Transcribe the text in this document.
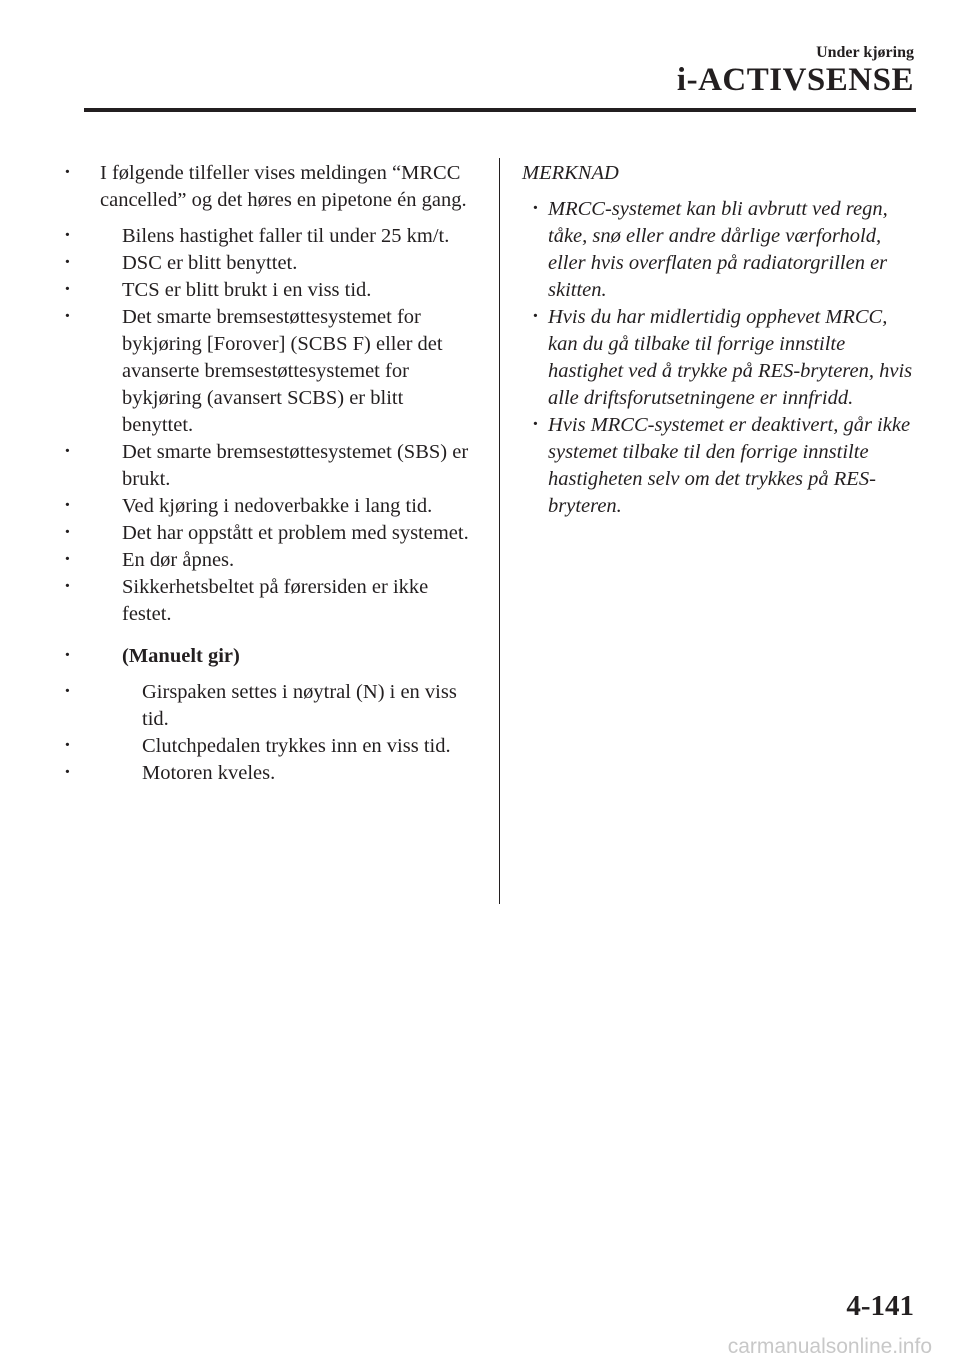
Under kjøring
i-ACTIVSENSE
· I følgende tilfeller vises meldingen “MRCC cancelled” og det høres en pipetone én gang.
· Bilens hastighet faller til under 25 km/t.
· DSC er blitt benyttet.
· TCS er blitt brukt i en viss tid.
· Det smarte bremsestøttesystemet for bykjøring [Forover] (SCBS F) eller det avanserte bremsestøttesystemet for bykjøring (avansert SCBS) er blitt benyttet.
· Det smarte bremsestøttesystemet (SBS) er brukt.
· Ved kjøring i nedoverbakke i lang tid.
· Det har oppstått et problem med systemet.
· En dør åpnes.
· Sikkerhetsbeltet på førersiden er ikke festet.
· (Manuelt gir)
· Girspaken settes i nøytral (N) i en viss tid.
· Clutchpedalen trykkes inn en viss tid.
· Motoren kveles.
MERKNAD
· MRCC-systemet kan bli avbrutt ved regn, tåke, snø eller andre dårlige værforhold, eller hvis overflaten på radiatorgrillen er skitten.
· Hvis du har midlertidig opphevet MRCC, kan du gå tilbake til forrige innstilte hastighet ved å trykke på RES-bryteren, hvis alle driftsforutsetningene er innfridd.
· Hvis MRCC-systemet er deaktivert, går ikke systemet tilbake til den forrige innstilte hastigheten selv om det trykkes på RES-bryteren.
4-141
carmanualsonline.info
